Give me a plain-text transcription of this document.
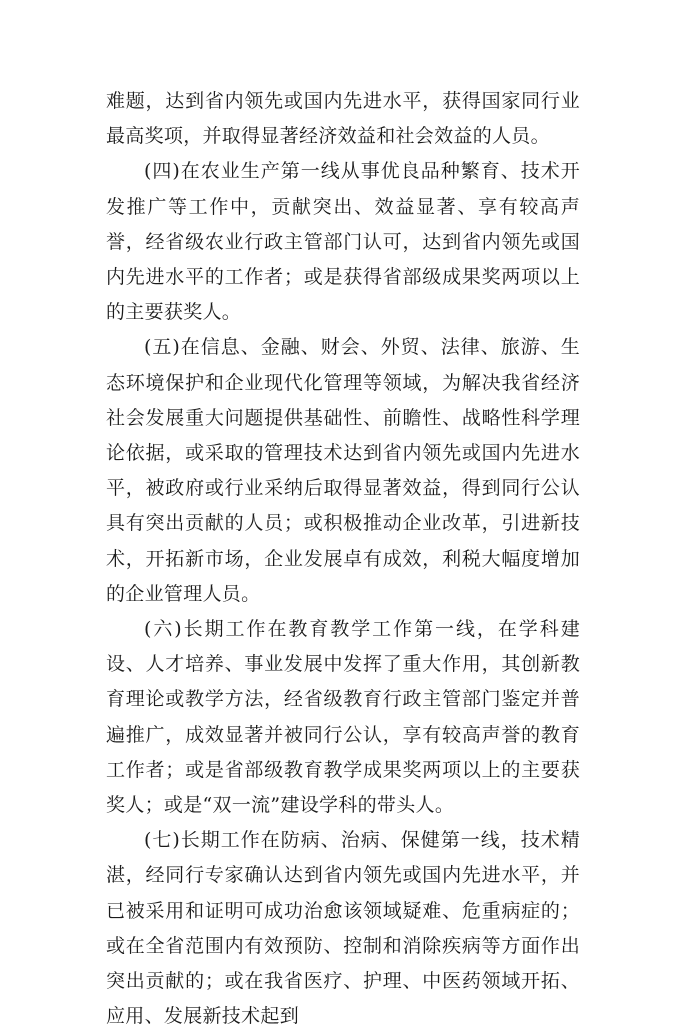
难题，达到省内领先或国内先进水平，获得国家同行业最高奖项，并取得显著经济效益和社会效益的人员。

(四)在农业生产第一线从事优良品种繁育、技术开发推广等工作中，贡献突出、效益显著、享有较高声誉，经省级农业行政主管部门认可，达到省内领先或国内先进水平的工作者；或是获得省部级成果奖两项以上的主要获奖人。

(五)在信息、金融、财会、外贸、法律、旅游、生态环境保护和企业现代化管理等领域，为解决我省经济社会发展重大问题提供基础性、前瞻性、战略性科学理论依据，或采取的管理技术达到省内领先或国内先进水平，被政府或行业采纳后取得显著效益，得到同行公认具有突出贡献的人员；或积极推动企业改革，引进新技术，开拓新市场，企业发展卓有成效，利税大幅度增加的企业管理人员。

(六)长期工作在教育教学工作第一线，在学科建设、人才培养、事业发展中发挥了重大作用，其创新教育理论或教学方法，经省级教育行政主管部门鉴定并普遍推广，成效显著并被同行公认，享有较高声誉的教育工作者；或是省部级教育教学成果奖两项以上的主要获奖人；或是“双一流”建设学科的带头人。

(七)长期工作在防病、治病、保健第一线，技术精湛，经同行专家确认达到省内领先或国内先进水平，并已被采用和证明可成功治愈该领域疑难、危重病症的；或在全省范围内有效预防、控制和消除疾病等方面作出突出贡献的；或在我省医疗、护理、中医药领域开拓、应用、发展新技术起到
